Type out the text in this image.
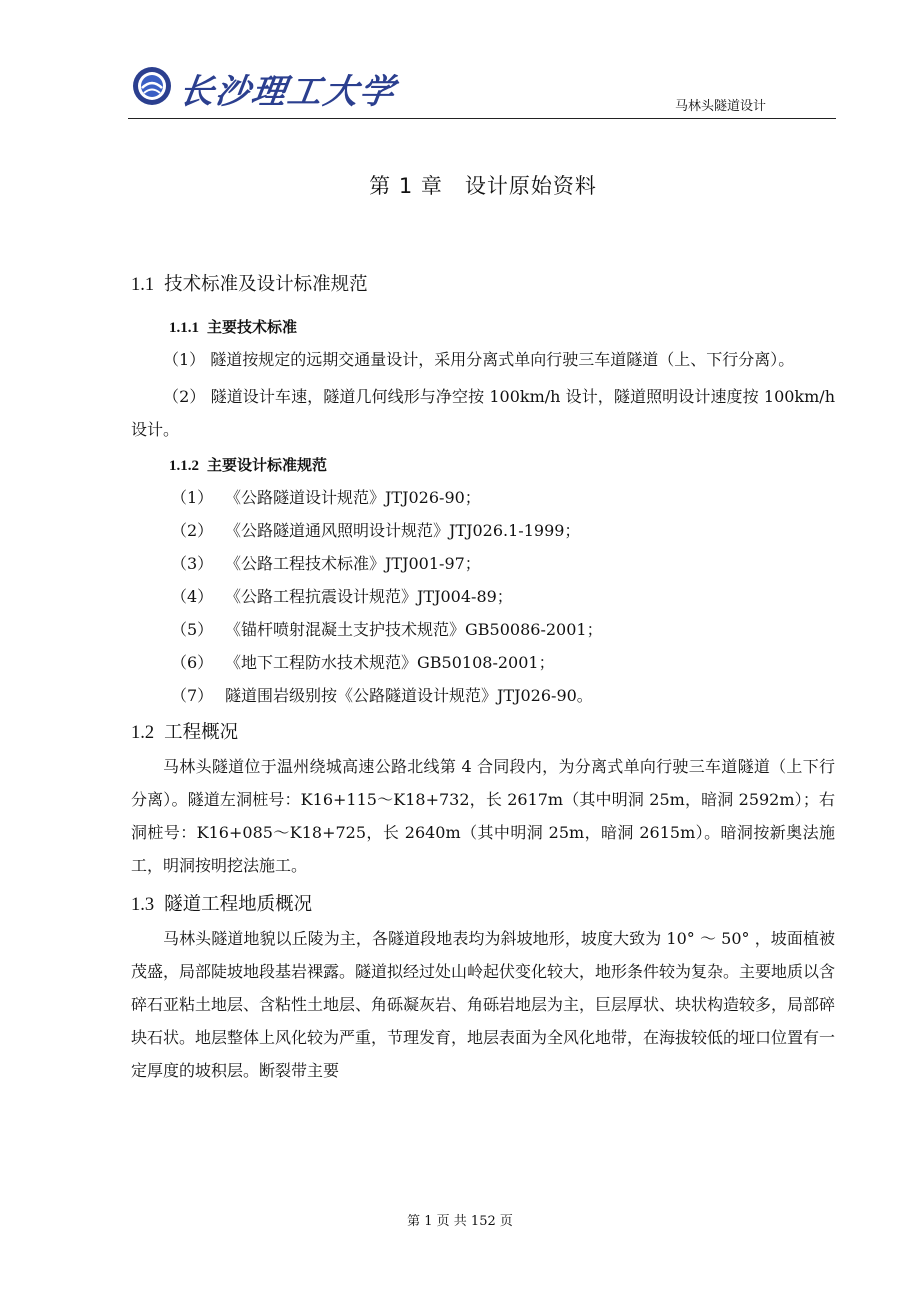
长沙理工大学	马林头隧道设计
第 1 章 设计原始资料
1.1 技术标准及设计标准规范
1.1.1 主要技术标准

（1） 隧道按规定的远期交通量设计，采用分离式单向行驶三车道隧道（上、下行分离）。

（2） 隧道设计车速，隧道几何线形与净空按 100km/h 设计，隧道照明设计速度按 100km/h 设计。

1.1.2 主要设计标准规范
（1） 《公路隧道设计规范》JTJ026-90；
（2） 《公路隧道通风照明设计规范》JTJ026.1-1999；
（3） 《公路工程技术标准》JTJ001-97；
（4） 《公路工程抗震设计规范》JTJ004-89；
（5） 《锚杆喷射混凝土支护技术规范》GB50086-2001；
（6） 《地下工程防水技术规范》GB50108-2001；
（7） 隧道围岩级别按《公路隧道设计规范》JTJ026-90。
1.2 工程概况

马林头隧道位于温州绕城高速公路北线第 4 合同段内，为分离式单向行驶三车道隧道（上下行分离）。隧道左洞桩号：K16+115～K18+732，长 2617m（其中明洞 25m，暗洞 2592m）；右洞桩号：K16+085～K18+725，长 2640m（其中明洞 25m，暗洞 2615m）。暗洞按新奥法施工，明洞按明挖法施工。

1.3 隧道工程地质概况

马林头隧道地貌以丘陵为主，各隧道段地表均为斜坡地形，坡度大致为 10° ～ 50° ，坡面植被茂盛，局部陡坡地段基岩裸露。隧道拟经过处山岭起伏变化较大，地形条件较为复杂。主要地质以含碎石亚粘土地层、含粘性土地层、角砾凝灰岩、角砾岩地层为主，巨层厚状、块状构造较多，局部碎块石状。地层整体上风化较为严重，节理发育，地层表面为全风化地带，在海拔较低的垭口位置有一定厚度的坡积层。断裂带主要

第 1 页 共 152 页
